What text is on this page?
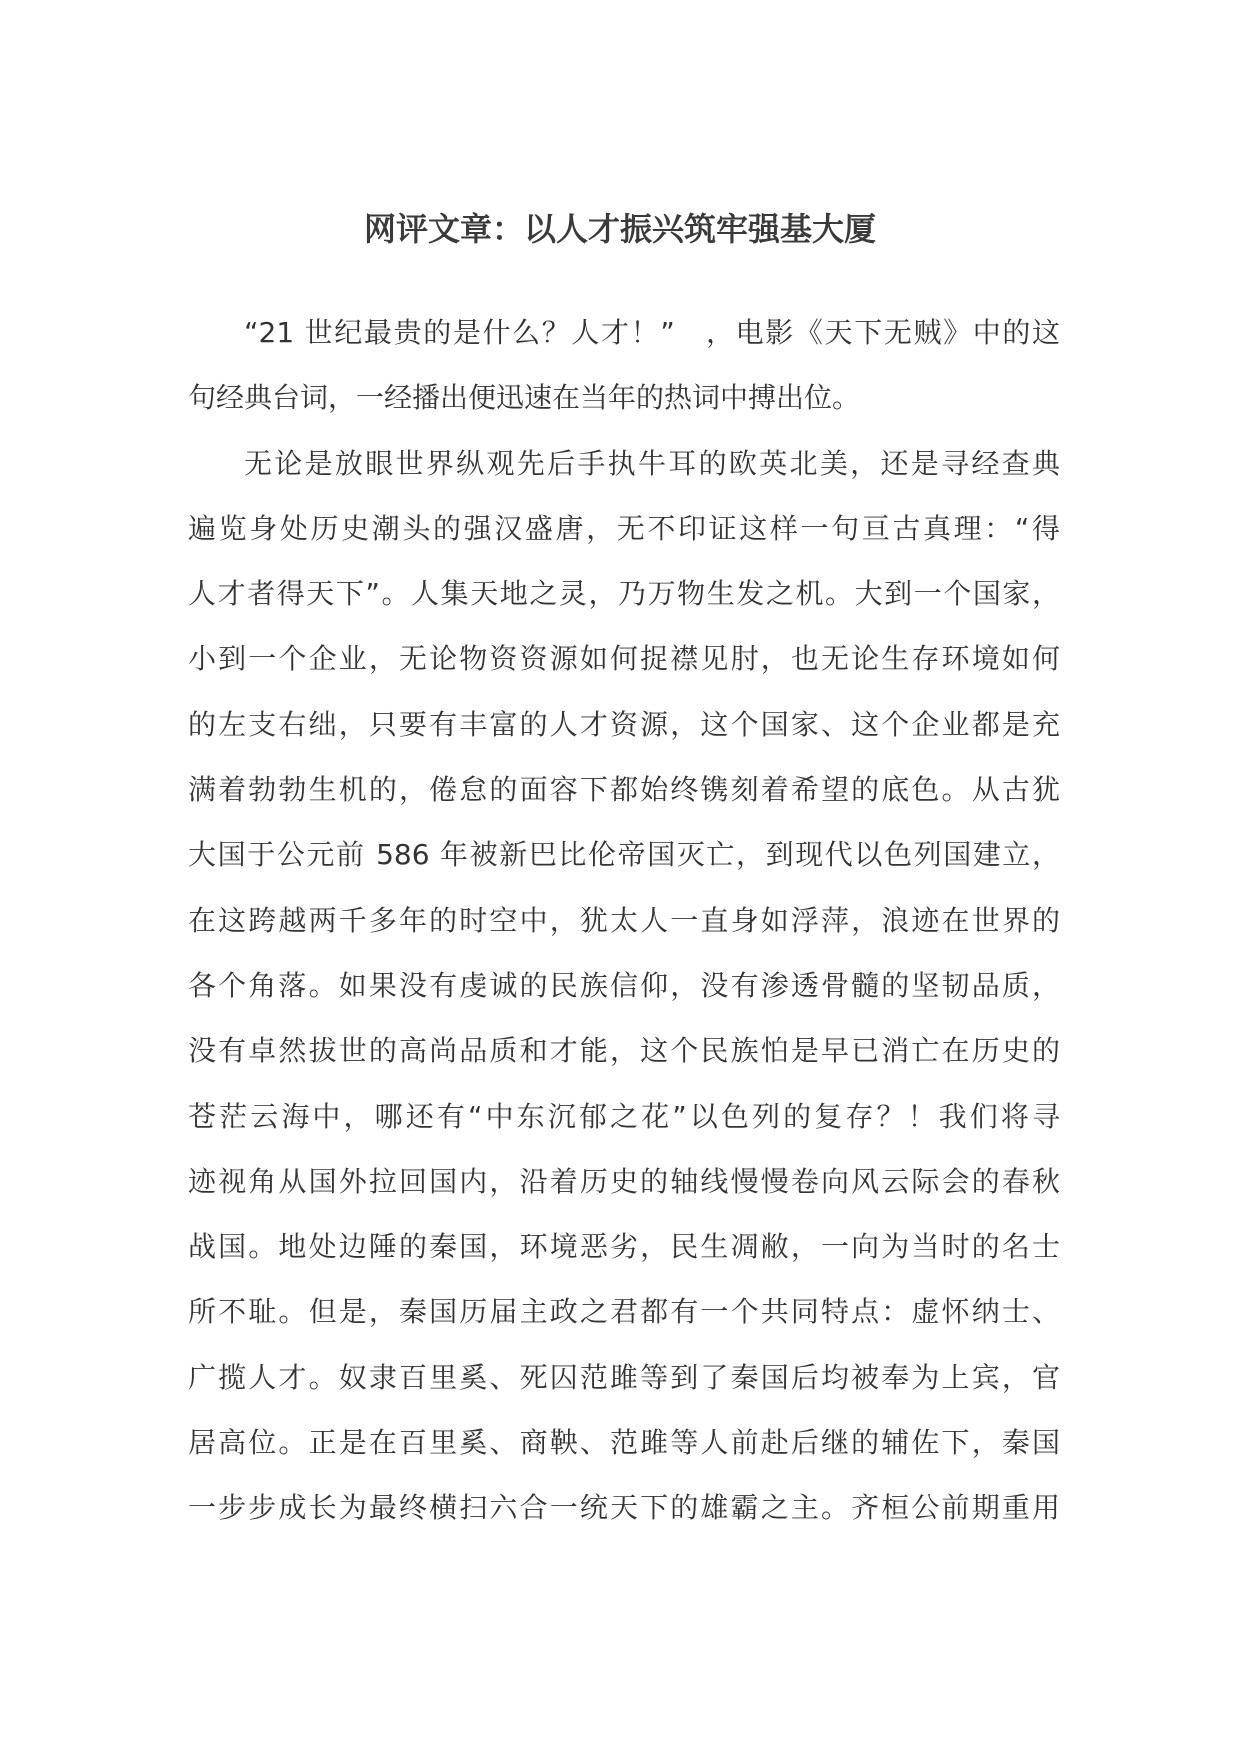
网评文章：以人才振兴筑牢强基大厦

“21 世纪最贵的是什么？人才！”　，电影《天下无贼》中的这
句经典台词，一经播出便迅速在当年的热词中搏出位。

无论是放眼世界纵观先后手执牛耳的欧英北美，还是寻经查典
遍览身处历史潮头的强汉盛唐，无不印证这样一句亘古真理：“得
人才者得天下”。人集天地之灵，乃万物生发之机。大到一个国家，
小到一个企业，无论物资资源如何捉襟见肘，也无论生存环境如何
的左支右绌，只要有丰富的人才资源，这个国家、这个企业都是充
满着勃勃生机的，倦怠的面容下都始终镌刻着希望的底色。从古犹
大国于公元前 586 年被新巴比伦帝国灭亡，到现代以色列国建立，
在这跨越两千多年的时空中，犹太人一直身如浮萍，浪迹在世界的
各个角落。如果没有虔诚的民族信仰，没有渗透骨髓的坚韧品质，
没有卓然拔世的高尚品质和才能，这个民族怕是早已消亡在历史的
苍茫云海中，哪还有“中东沉郁之花”以色列的复存？！我们将寻
迹视角从国外拉回国内，沿着历史的轴线慢慢卷向风云际会的春秋
战国。地处边陲的秦国，环境恶劣，民生凋敝，一向为当时的名士
所不耻。但是，秦国历届主政之君都有一个共同特点：虚怀纳士、
广揽人才。奴隶百里奚、死囚范雎等到了秦国后均被奉为上宾，官
居高位。正是在百里奚、商鞅、范雎等人前赴后继的辅佐下，秦国
一步步成长为最终横扫六合一统天下的雄霸之主。齐桓公前期重用
